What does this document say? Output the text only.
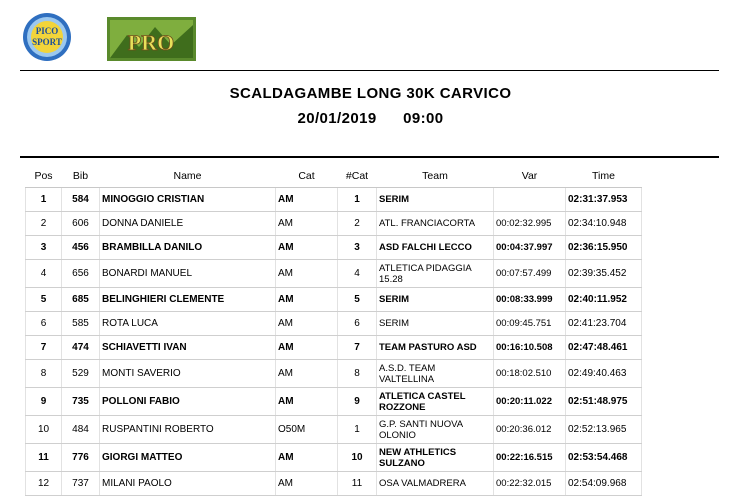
PICO
SPORT	PRO
SCALDAGAMBE LONG 30K CARVICO
20/01/2019 09:00
Pos	Bib	Name	Cat	#Cat	Team	Var	Time
1	584	MINOGGIO CRISTIAN	AM	1	SERIM		02:31:37.953
2	606	DONNA DANIELE	AM	2	ATL. FRANCIACORTA	00:02:32.995	02:34:10.948
3	456	BRAMBILLA DANILO	AM	3	ASD FALCHI LECCO	00:04:37.997	02:36:15.950
4	656	BONARDI MANUEL	AM	4	ATLETICA PIDAGGIA 15.28	00:07:57.499	02:39:35.452
5	685	BELINGHIERI CLEMENTE	AM	5	SERIM	00:08:33.999	02:40:11.952
6	585	ROTA LUCA	AM	6	SERIM	00:09:45.751	02:41:23.704
7	474	SCHIAVETTI IVAN	AM	7	TEAM PASTURO ASD	00:16:10.508	02:47:48.461
8	529	MONTI SAVERIO	AM	8	A.S.D. TEAM VALTELLINA	00:18:02.510	02:49:40.463
9	735	POLLONI FABIO	AM	9	ATLETICA CASTEL ROZZONE	00:20:11.022	02:51:48.975
10	484	RUSPANTINI ROBERTO	O50M	1	G.P. SANTI NUOVA OLONIO	00:20:36.012	02:52:13.965
11	776	GIORGI MATTEO	AM	10	NEW ATHLETICS SULZANO	00:22:16.515	02:53:54.468
12	737	MILANI PAOLO	AM	11	OSA VALMADRERA	00:22:32.015	02:54:09.968
